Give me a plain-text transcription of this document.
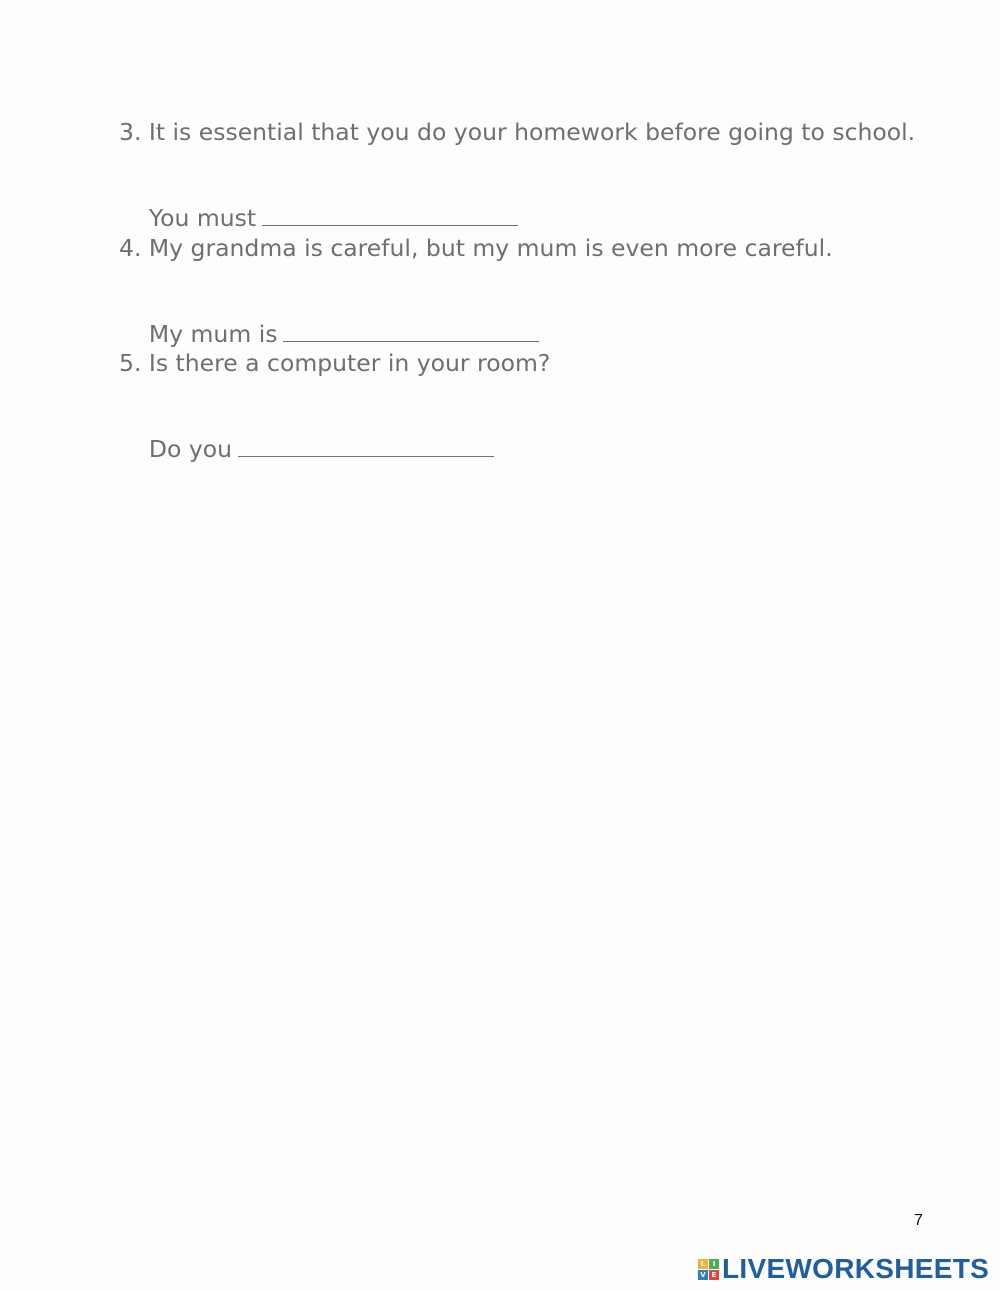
3. It is essential that you do your homework before going to school.

You must

4. My grandma is careful, but my mum is even more careful.

My mum is

5. Is there a computer in your room?

Do you

7
L	I
V E LIVEWORKSHEETS
